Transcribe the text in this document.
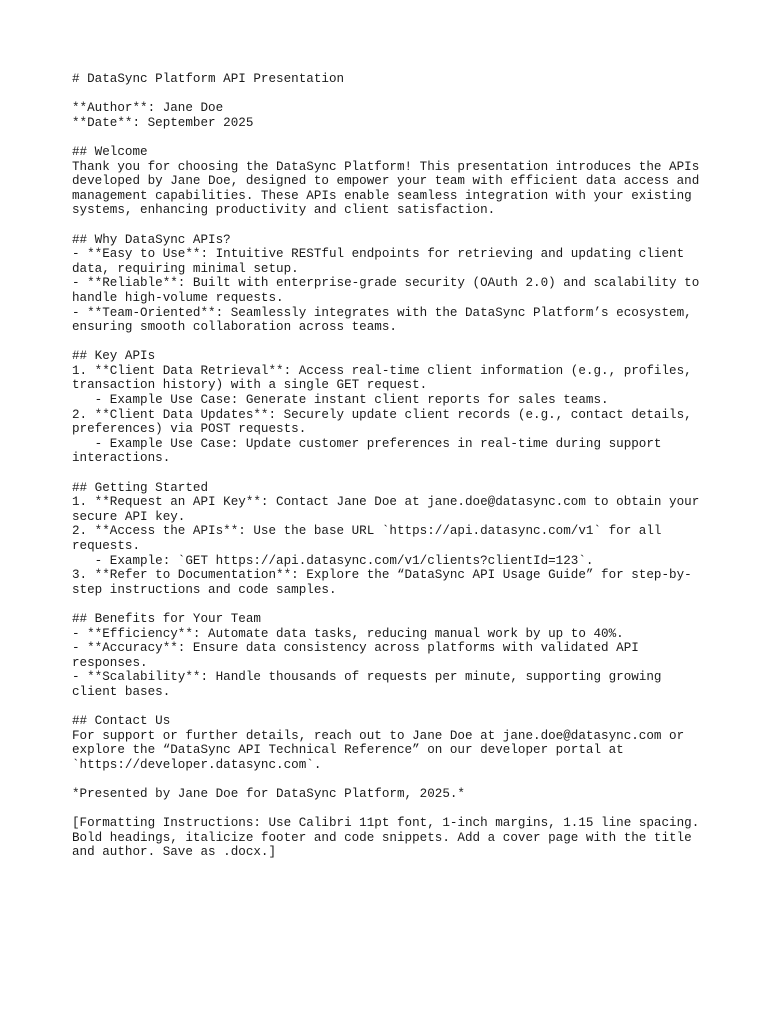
# DataSync Platform API Presentation
**Author**: Jane Doe
**Date**: September 2025
## Welcome
Thank you for choosing the DataSync Platform! This presentation introduces the APIs
developed by Jane Doe, designed to empower your team with efficient data access and
management capabilities. These APIs enable seamless integration with your existing
systems, enhancing productivity and client satisfaction.
## Why DataSync APIs?
- **Easy to Use**: Intuitive RESTful endpoints for retrieving and updating client
data, requiring minimal setup.
- **Reliable**: Built with enterprise-grade security (OAuth 2.0) and scalability to
handle high-volume requests.
- **Team-Oriented**: Seamlessly integrates with the DataSync Platform’s ecosystem,
ensuring smooth collaboration across teams.
## Key APIs
1. **Client Data Retrieval**: Access real-time client information (e.g., profiles,
transaction history) with a single GET request.
- Example Use Case: Generate instant client reports for sales teams.
2. **Client Data Updates**: Securely update client records (e.g., contact details,
preferences) via POST requests.
- Example Use Case: Update customer preferences in real-time during support
interactions.
## Getting Started
1. **Request an API Key**: Contact Jane Doe at jane.doe@datasync.com to obtain your
secure API key.
2. **Access the APIs**: Use the base URL `https://api.datasync.com/v1` for all
requests.
- Example: `GET https://api.datasync.com/v1/clients?clientId=123`.
3. **Refer to Documentation**: Explore the “DataSync API Usage Guide” for step-by-
step instructions and code samples.
## Benefits for Your Team
- **Efficiency**: Automate data tasks, reducing manual work by up to 40%.
- **Accuracy**: Ensure data consistency across platforms with validated API
responses.
- **Scalability**: Handle thousands of requests per minute, supporting growing
client bases.
## Contact Us
For support or further details, reach out to Jane Doe at jane.doe@datasync.com or
explore the “DataSync API Technical Reference” on our developer portal at
`https://developer.datasync.com`.
*Presented by Jane Doe for DataSync Platform, 2025.*
[Formatting Instructions: Use Calibri 11pt font, 1-inch margins, 1.15 line spacing.
Bold headings, italicize footer and code snippets. Add a cover page with the title
and author. Save as .docx.]
